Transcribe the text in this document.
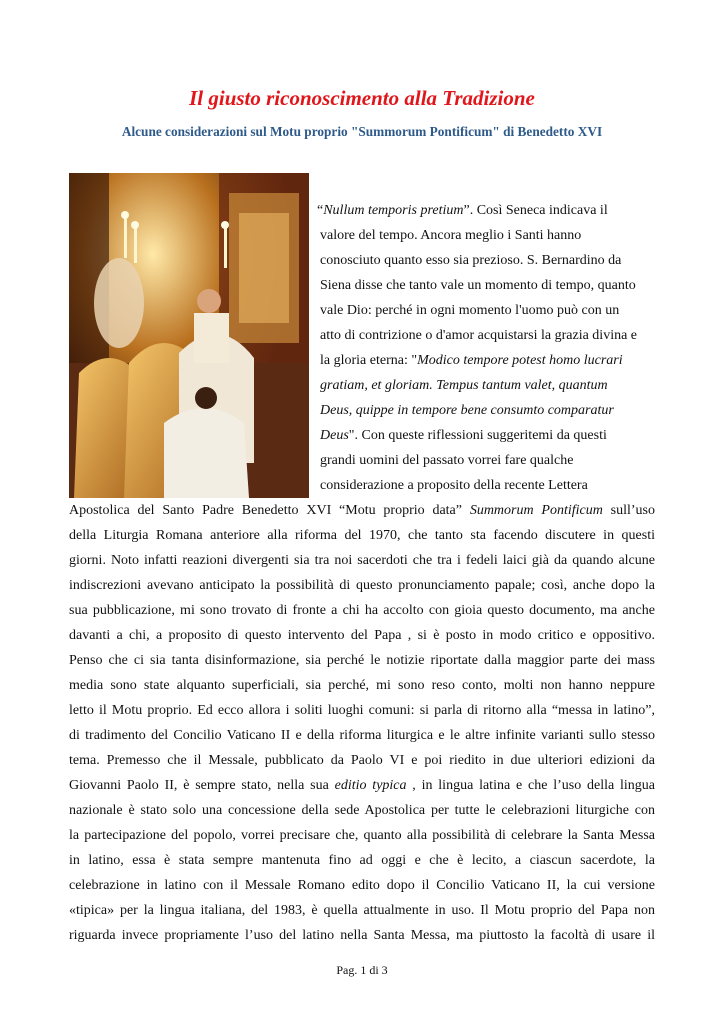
Il giusto riconoscimento alla Tradizione
Alcune considerazioni sul Motu proprio "Summorum Pontificum" di Benedetto XVI
“Nullum temporis pretium”. Così Seneca indicava il
valore del tempo. Ancora meglio i Santi hanno
conosciuto quanto esso sia prezioso. S. Bernardino da
Siena disse che tanto vale un momento di tempo, quanto
vale Dio: perché in ogni momento l'uomo può con un
atto di contrizione o d'amor acquistarsi la grazia divina e
la gloria eterna: "Modico tempore potest homo lucrari
gratiam, et gloriam. Tempus tantum valet, quantum
Deus, quippe in tempore bene consumto comparatur
Deus". Con queste riflessioni suggeritemi da questi
grandi uomini del passato vorrei fare qualche
considerazione a proposito della recente Lettera
Apostolica del Santo Padre Benedetto XVI “Motu proprio data” Summorum Pontificum sull’uso
della Liturgia Romana anteriore alla riforma del 1970, che tanto sta facendo discutere in questi
giorni. Noto infatti reazioni divergenti sia tra noi sacerdoti che tra i fedeli laici già da quando alcune
indiscrezioni avevano anticipato la possibilità di questo pronunciamento papale; così, anche dopo la
sua pubblicazione, mi sono trovato di fronte a chi ha accolto con gioia questo documento, ma anche
davanti a chi, a proposito di questo intervento del Papa , si è posto in modo critico e oppositivo.
Penso che ci sia tanta disinformazione, sia perché le notizie riportate dalla maggior parte dei mass
media sono state alquanto superficiali, sia perché, mi sono reso conto, molti non hanno neppure
letto il Motu proprio. Ed ecco allora i soliti luoghi comuni: si parla di ritorno alla “messa in latino”,
di tradimento del Concilio Vaticano II e della riforma liturgica e le altre infinite varianti sullo stesso
tema. Premesso che il Messale, pubblicato da Paolo VI e poi riedito in due ulteriori edizioni da
Giovanni Paolo II, è sempre stato, nella sua editio typica , in lingua latina e che l’uso della lingua
nazionale è stato solo una concessione della sede Apostolica per tutte le celebrazioni liturgiche con
la partecipazione del popolo, vorrei precisare che, quanto alla possibilità di celebrare la Santa Messa
in latino, essa è stata sempre mantenuta fino ad oggi e che è lecito, a ciascun sacerdote, la
celebrazione in latino con il Messale Romano edito dopo il Concilio Vaticano II, la cui versione
«tipica» per la lingua italiana, del 1983, è quella attualmente in uso. Il Motu proprio del Papa non
riguarda invece propriamente l’uso del latino nella Santa Messa, ma piuttosto la facoltà di usare il
Pag. 1 di 3
